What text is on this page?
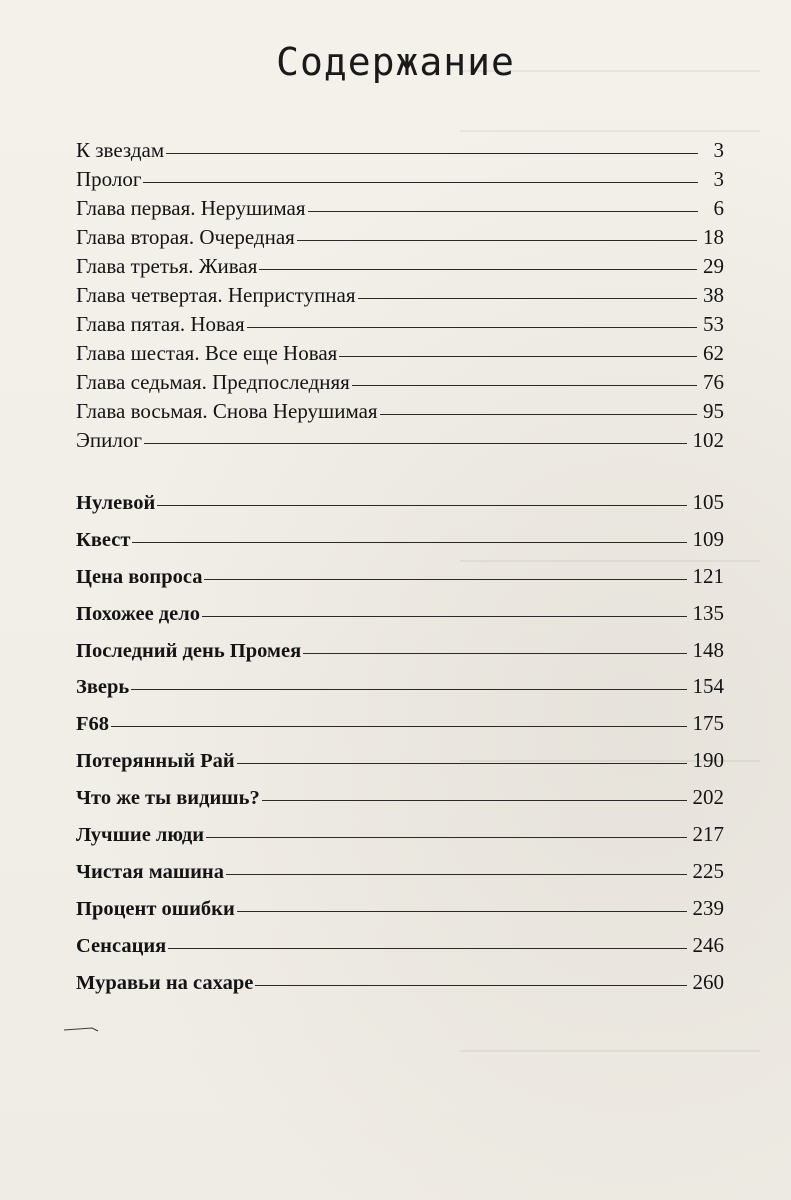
Содержание
К звездам	3
Пролог	3
Глава первая. Нерушимая	6
Глава вторая. Очередная	18
Глава третья. Живая	29
Глава четвертая. Неприступная	38
Глава пятая. Новая	53
Глава шестая. Все еще Новая	62
Глава седьмая. Предпоследняя	76
Глава восьмая. Снова Нерушимая	95
Эпилог	102
Нулевой	105
Квест	109
Цена вопроса	121
Похожее дело	135
Последний день Промея	148
Зверь	154
F68	175
Потерянный Рай	190
Что же ты видишь?	202
Лучшие люди	217
Чистая машина	225
Процент ошибки	239
Сенсация	246
Муравьи на сахаре	260
